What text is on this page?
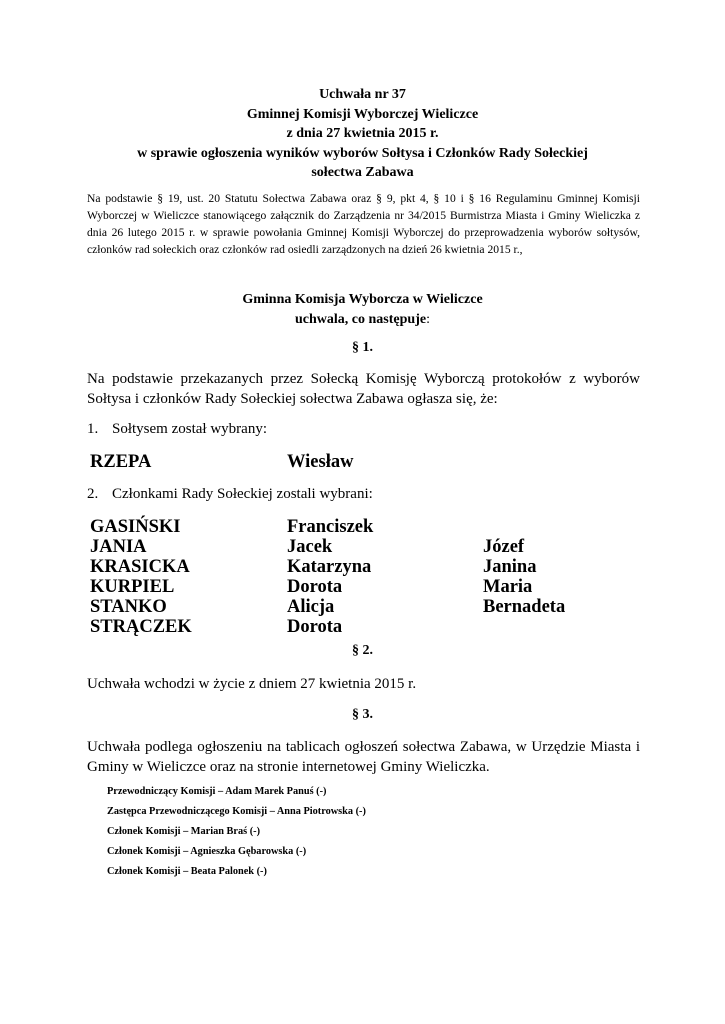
Uchwała nr 37
Gminnej Komisji Wyborczej Wieliczce
z dnia 27 kwietnia 2015 r.
w sprawie ogłoszenia wyników wyborów Sołtysa i Członków Rady Sołeckiej
sołectwa Zabawa
Na podstawie § 19, ust. 20 Statutu Sołectwa Zabawa oraz § 9, pkt 4, § 10 i § 16 Regulaminu Gminnej Komisji Wyborczej w Wieliczce stanowiącego załącznik do Zarządzenia nr 34/2015 Burmistrza Miasta i Gminy Wieliczka z dnia 26 lutego 2015 r. w sprawie powołania Gminnej Komisji Wyborczej do przeprowadzenia wyborów sołtysów, członków rad sołeckich oraz członków rad osiedli zarządzonych na dzień 26 kwietnia 2015 r.,
Gminna Komisja Wyborcza w Wieliczce
uchwala, co następuje:
§ 1.
Na podstawie przekazanych przez Sołecką Komisję Wyborczą protokołów z wyborów Sołtysa i członków Rady Sołeckiej sołectwa Zabawa ogłasza się, że:
1. Sołtysem został wybrany:
RZEPA	Wiesław
2. Członkami Rady Sołeckiej zostali wybrani:
GASIŃSKI	Franciszek
JANIA	Jacek	Józef
KRASICKA	Katarzyna	Janina
KURPIEL	Dorota	Maria
STANKO	Alicja	Bernadeta
STRĄCZEK	Dorota
§ 2.
Uchwała wchodzi w życie z dniem 27 kwietnia 2015 r.
§ 3.
Uchwała podlega ogłoszeniu na tablicach ogłoszeń sołectwa Zabawa, w Urzędzie Miasta i Gminy w Wieliczce oraz na stronie internetowej Gminy Wieliczka.
Przewodniczący Komisji – Adam Marek Panuś (-)
Zastępca Przewodniczącego Komisji – Anna Piotrowska (-)
Członek Komisji – Marian Braś (-)
Członek Komisji – Agnieszka Gębarowska (-)
Członek Komisji – Beata Palonek (-)
